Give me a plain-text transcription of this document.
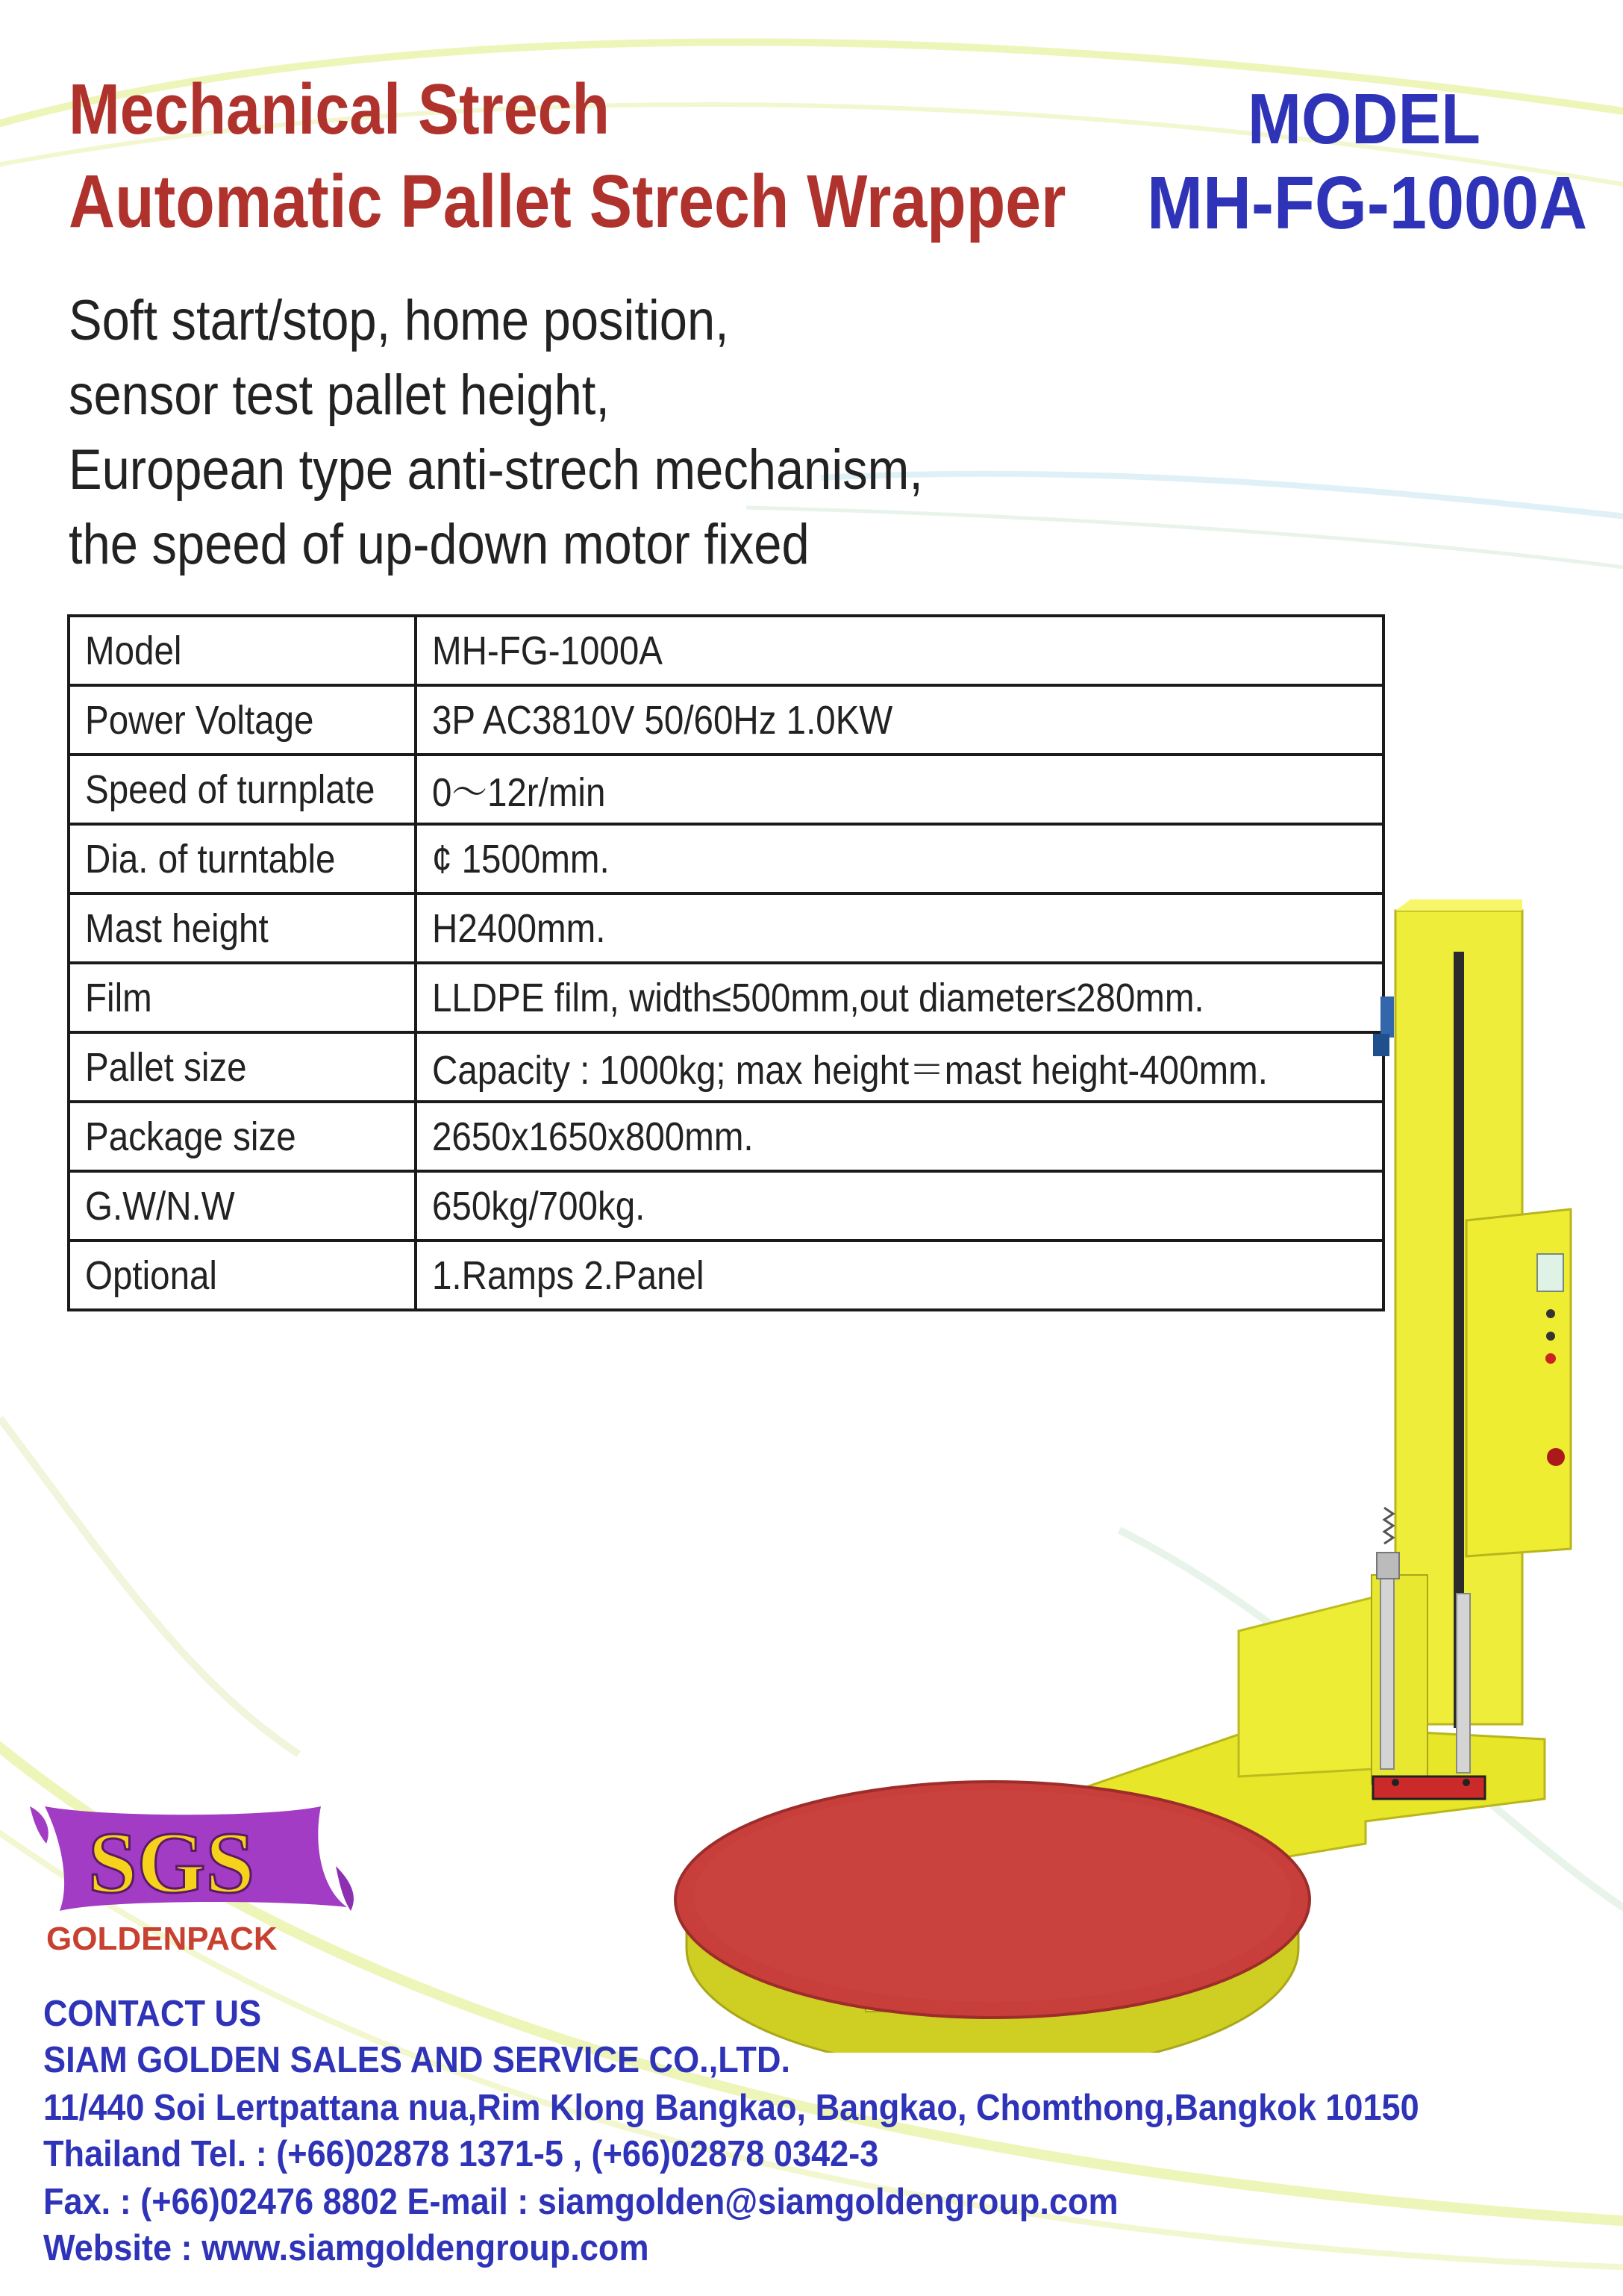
Mechanical Strech
Automatic Pallet Strech Wrapper
MODEL
MH-FG-1000A
Soft start/stop, home position,
sensor test pallet height,
European type anti-strech mechanism,
the speed of up-down motor fixed
Model	MH-FG-1000A
Power Voltage	3P AC3810V 50/60Hz 1.0KW
Speed of turnplate	0～12r/min
Dia. of turntable	¢ 1500mm.
Mast height	H2400mm.
Film	LLDPE film, width≤500mm,out diameter≤280mm.
Pallet size	Capacity : 1000kg; max height＝mast height-400mm.
Package size	2650x1650x800mm.
G.W/N.W	650kg/700kg.
Optional	1.Ramps 2.Panel
SGS
GOLDENPACK
CONTACT US
SIAM GOLDEN SALES AND SERVICE CO.,LTD.
11/440 Soi Lertpattana nua,Rim Klong Bangkao, Bangkao, Chomthong,Bangkok 10150
Thailand Tel. : (+66)02878 1371-5 , (+66)02878 0342-3
Fax. : (+66)02476 8802 E-mail : siamgolden@siamgoldengroup.com
Website : www.siamgoldengroup.com
